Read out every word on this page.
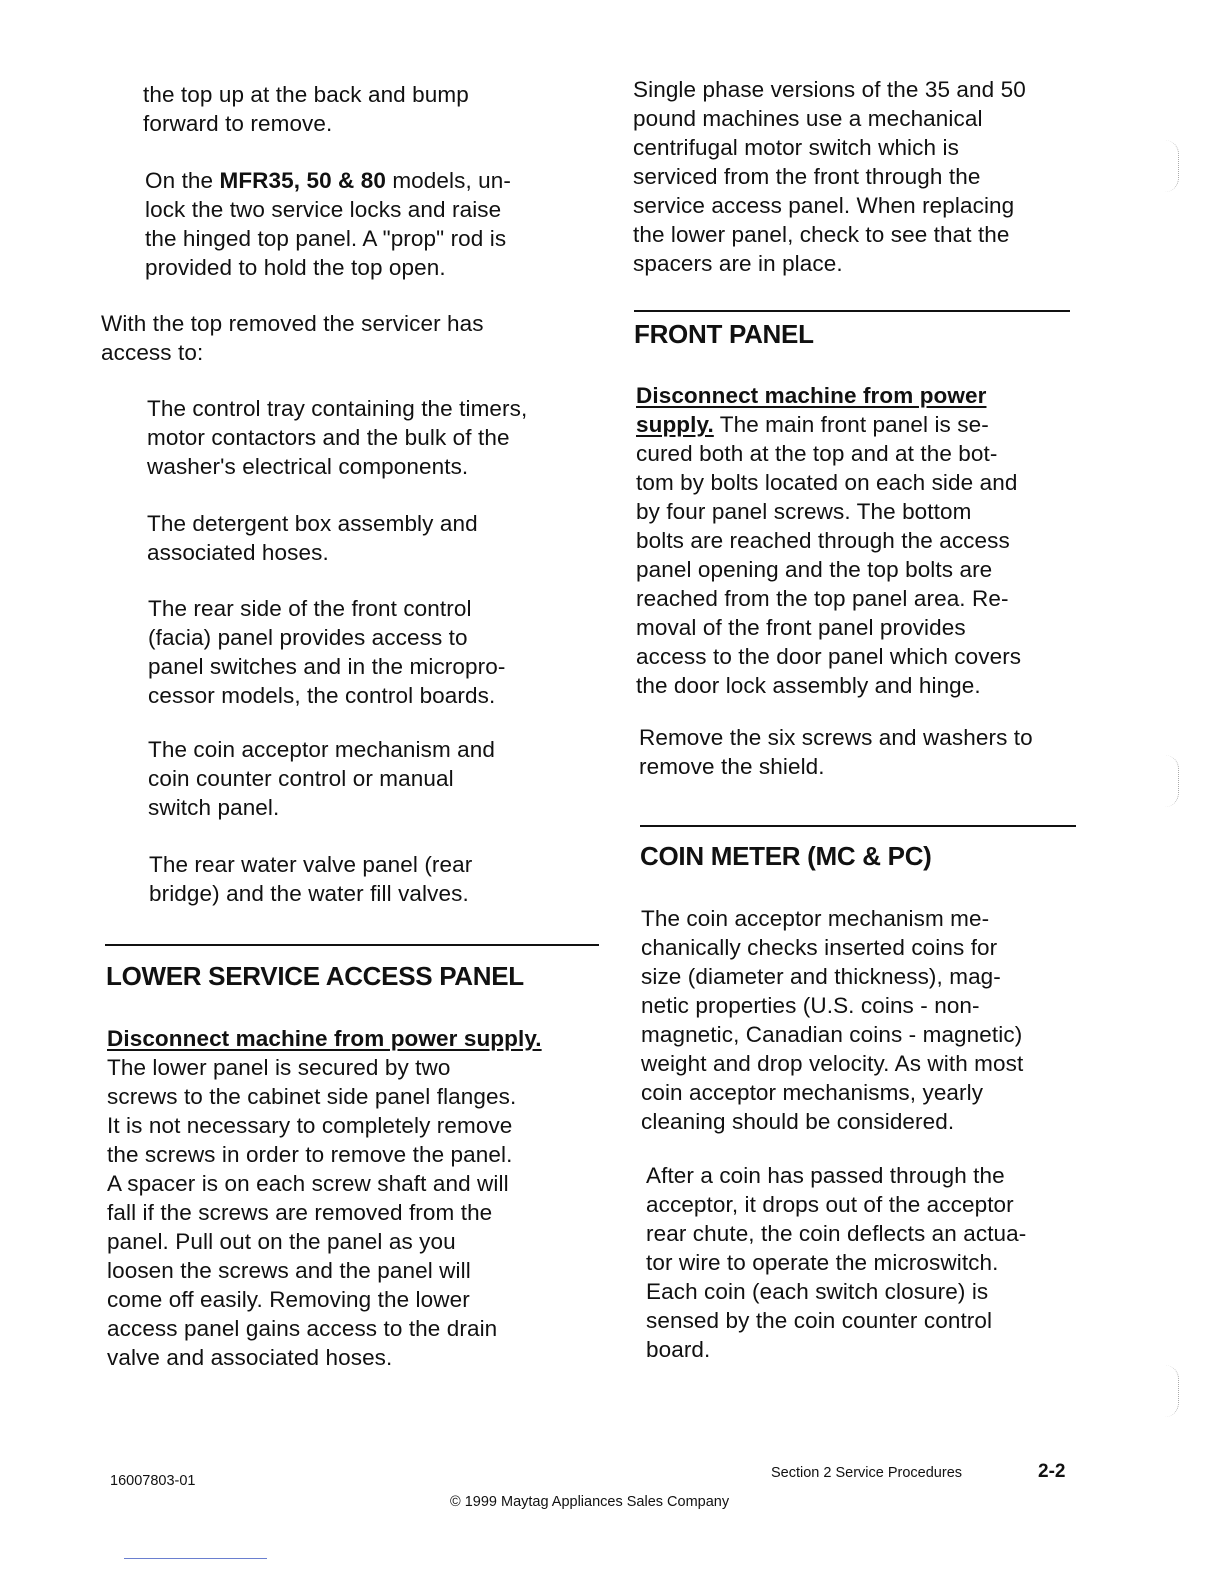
the top up at the back and bump
forward to remove.

On the MFR35, 50 & 80 models, un-
lock the two service locks and raise
the hinged top panel. A "prop" rod is
provided to hold the top open.

With the top removed the servicer has
access to:

The control tray containing the timers,
motor contactors and the bulk of the
washer's electrical components.

The detergent box assembly and
associated hoses.

The rear side of the front control
(facia) panel provides access to
panel switches and in the micropro-
cessor models, the control boards.

The coin acceptor mechanism and
coin counter control or manual
switch panel.

The rear water valve panel (rear
bridge) and the water fill valves.

LOWER SERVICE ACCESS PANEL

Disconnect machine from power supply.
The lower panel is secured by two
screws to the cabinet side panel flanges.
It is not necessary to completely remove
the screws in order to remove the panel.
A spacer is on each screw shaft and will
fall if the screws are removed from the
panel. Pull out on the panel as you
loosen the screws and the panel will
come off easily. Removing the lower
access panel gains access to the drain
valve and associated hoses.

Single phase versions of the 35 and 50
pound machines use a mechanical
centrifugal motor switch which is
serviced from the front through the
service access panel. When replacing
the lower panel, check to see that the
spacers are in place.

FRONT PANEL

Disconnect machine from power
supply. The main front panel is se-
cured both at the top and at the bot-
tom by bolts located on each side and
by four panel screws. The bottom
bolts are reached through the access
panel opening and the top bolts are
reached from the top panel area. Re-
moval of the front panel provides
access to the door panel which covers
the door lock assembly and hinge.

Remove the six screws and washers to
remove the shield.

COIN METER (MC & PC)

The coin acceptor mechanism me-
chanically checks inserted coins for
size (diameter and thickness), mag-
netic properties (U.S. coins - non-
magnetic, Canadian coins - magnetic)
weight and drop velocity. As with most
coin acceptor mechanisms, yearly
cleaning should be considered.

After a coin has passed through the
acceptor, it drops out of the acceptor
rear chute, the coin deflects an actua-
tor wire to operate the microswitch.
Each coin (each switch closure) is
sensed by the coin counter control
board.

16007803-01	Section 2 Service Procedures	2-2
© 1999 Maytag Appliances Sales Company
